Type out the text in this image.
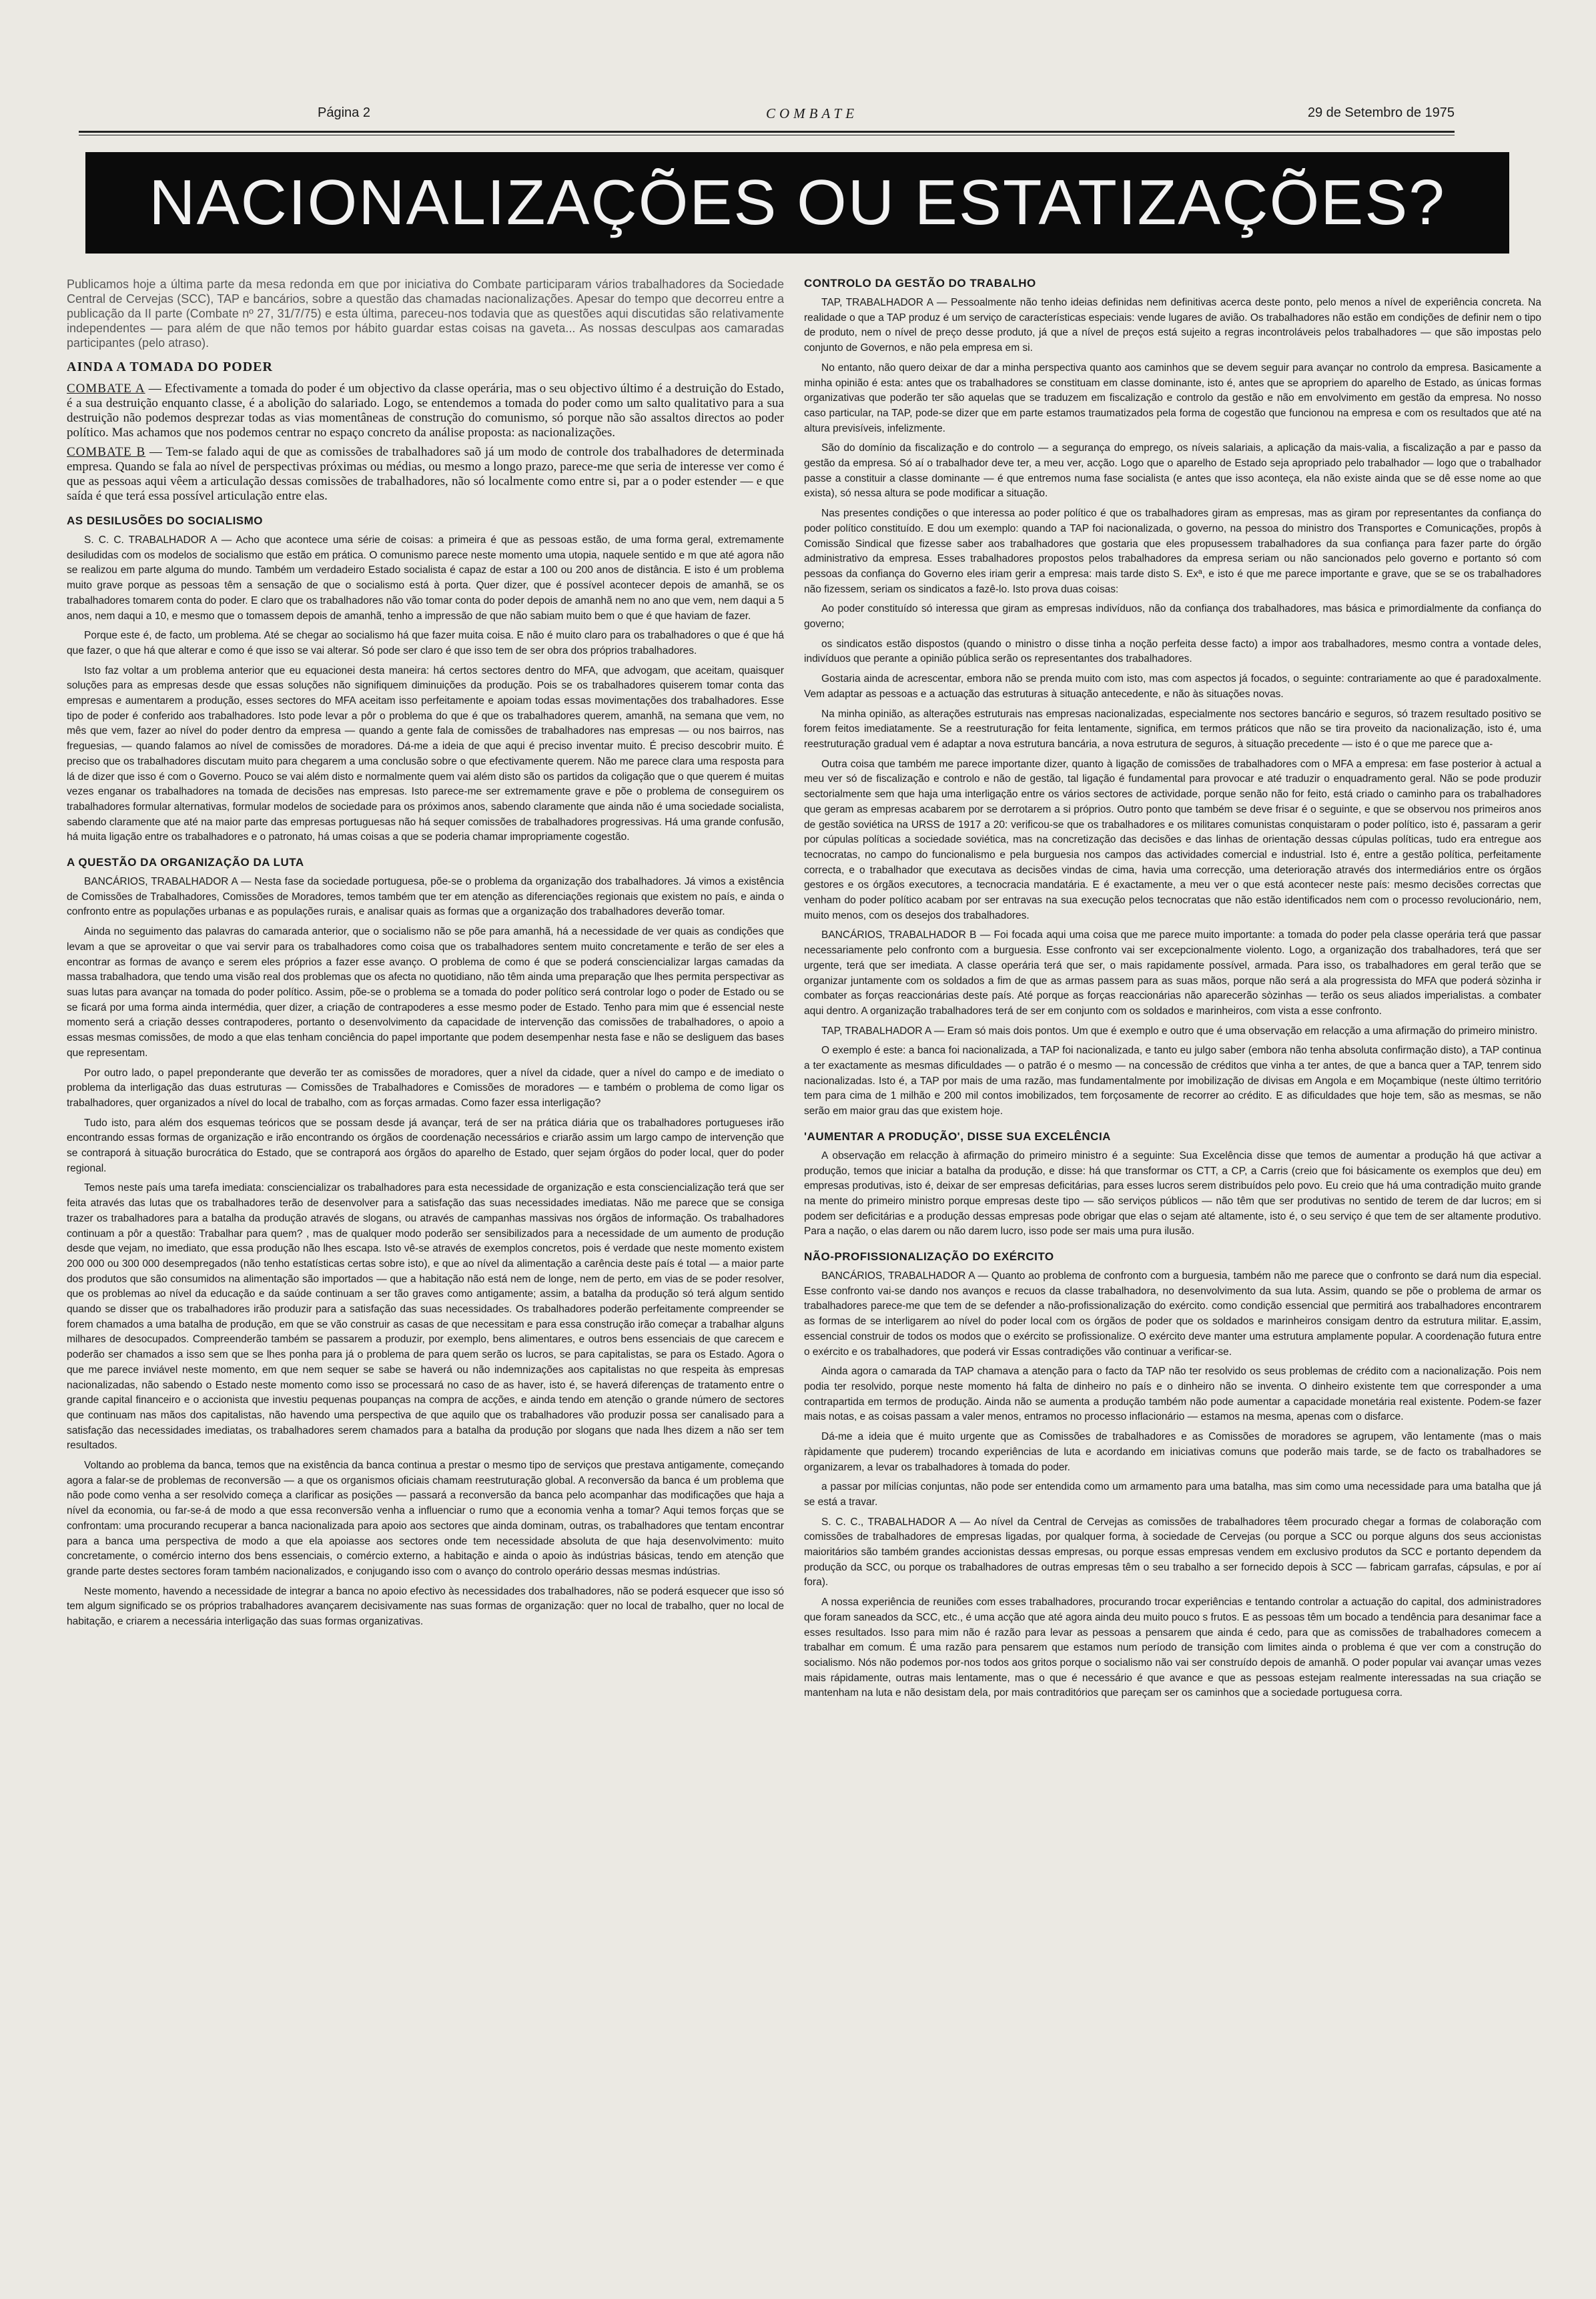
Página 2	COMBATE	29 de Setembro de 1975
NACIONALIZAÇÕES OU ESTATIZAÇÕES?

Publicamos hoje a última parte da mesa redonda em que por iniciativa do Combate participaram vários trabalhadores da Sociedade Central de Cervejas (SCC), TAP e bancários, sobre a questão das chamadas nacionalizações. Apesar do tempo que decorreu entre a publicação da II parte (Combate nº 27, 31/7/75) e esta última, pareceu-nos todavia que as questões aqui discutidas são relativamente independentes — para além de que não temos por hábito guardar estas coisas na gaveta... As nossas desculpas aos camaradas participantes (pelo atraso).

AINDA A TOMADA DO PODER

COMBATE A — Efectivamente a tomada do poder é um objectivo da classe operária, mas o seu objectivo último é a destruição do Estado, é a sua destruição enquanto classe, é a abolição do salariado. Logo, se entendemos a tomada do poder como um salto qualitativo para a sua destruição não podemos desprezar todas as vias momentâneas de construção do comunismo, só porque não são assaltos directos ao poder político. Mas achamos que nos podemos centrar no espaço concreto da análise proposta: as nacionalizações.

COMBATE B — Tem-se falado aqui de que as comissões de trabalhadores saõ já um modo de controle dos trabalhadores de determinada empresa. Quando se fala ao nível de perspectivas próximas ou médias, ou mesmo a longo prazo, parece-me que seria de interesse ver como é que as pessoas aqui vêem a articulação dessas comissões de trabalhadores, não só localmente como entre si, par a o poder estender — e que saída é que terá essa possível articulação entre elas.

AS DESILUSÕES DO SOCIALISMO

S. C. C. TRABALHADOR A — Acho que acontece uma série de coisas: a primeira é que as pessoas estão, de uma forma geral, extremamente desiludidas com os modelos de socialismo que estão em prática. O comunismo parece neste momento uma utopia, naquele sentido e m que até agora não se realizou em parte alguma do mundo. Também um verdadeiro Estado socialista é capaz de estar a 100 ou 200 anos de distância. E isto é um problema muito grave porque as pessoas têm a sensação de que o socialismo está à porta. Quer dizer, que é possível acontecer depois de amanhã, se os trabalhadores tomarem conta do poder. E claro que os trabalhadores não vão tomar conta do poder depois de amanhã nem no ano que vem, nem daqui a 5 anos, nem daqui a 10, e mesmo que o tomassem depois de amanhã, tenho a impressão de que não sabiam muito bem o que é que haviam de fazer.

Porque este é, de facto, um problema. Até se chegar ao socialismo há que fazer muita coisa. E não é muito claro para os trabalhadores o que é que há que fazer, o que há que alterar e como é que isso se vai alterar. Só pode ser claro é que isso tem de ser obra dos próprios trabalhadores.

Isto faz voltar a um problema anterior que eu equacionei desta maneira: há certos sectores dentro do MFA, que advogam, que aceitam, quaisquer soluções para as empresas desde que essas soluções não signifiquem diminuições da produção. Pois se os trabalhadores quiserem tomar conta das empresas e aumentarem a produção, esses sectores do MFA aceitam isso perfeitamente e apoiam todas essas movimentações dos trabalhadores. Esse tipo de poder é conferido aos trabalhadores. Isto pode levar a pôr o problema do que é que os trabalhadores querem, amanhã, na semana que vem, no mês que vem, fazer ao nível do poder dentro da empresa — quando a gente fala de comissões de trabalhadores nas empresas — ou nos bairros, nas freguesias, — quando falamos ao nível de comissões de moradores. Dá-me a ideia de que aqui é preciso inventar muito. É preciso descobrir muito. É preciso que os trabalhadores discutam muito para chegarem a uma conclusão sobre o que efectivamente querem. Não me parece clara uma resposta para lá de dizer que isso é com o Governo. Pouco se vai além disto e normalmente quem vai além disto são os partidos da coligação que o que querem é muitas vezes enganar os trabalhadores na tomada de decisões nas empresas. Isto parece-me ser extremamente grave e põe o problema de conseguirem os trabalhadores formular alternativas, formular modelos de sociedade para os próximos anos, sabendo claramente que ainda não é uma sociedade socialista, sabendo claramente que até na maior parte das empresas portuguesas não há sequer comissões de trabalhadores progressivas. Há uma grande confusão, há muita ligação entre os trabalhadores e o patronato, há umas coisas a que se poderia chamar impropriamente cogestão.

A QUESTÃO DA ORGANIZAÇÃO DA LUTA

BANCÁRIOS, TRABALHADOR A — Nesta fase da sociedade portuguesa, põe-se o problema da organização dos trabalhadores. Já vimos a existência de Comissões de Trabalhadores, Comissões de Moradores, temos também que ter em atenção as diferenciações regionais que existem no país, e ainda o confronto entre as populações urbanas e as populações rurais, e analisar quais as formas que a organização dos trabalhadores deverão tomar.

Ainda no seguimento das palavras do camarada anterior, que o socialismo não se põe para amanhã, há a necessidade de ver quais as condições que levam a que se aproveitar o que vai servir para os trabalhadores como coisa que os trabalhadores sentem muito concretamente e terão de ser eles a encontrar as formas de avanço e serem eles próprios a fazer esse avanço. O problema de como é que se poderá consciencializar largas camadas da massa trabalhadora, que tendo uma visão real dos problemas que os afecta no quotidiano, não têm ainda uma preparação que lhes permita perspectivar as suas lutas para avançar na tomada do poder político. Assim, põe-se o problema se a tomada do poder político será controlar logo o poder de Estado ou se se ficará por uma forma ainda intermédia, quer dizer, a criação de contrapoderes a esse mesmo poder de Estado. Tenho para mim que é essencial neste momento será a criação desses contrapoderes, portanto o desenvolvimento da capacidade de intervenção das comissões de trabalhadores, o apoio a essas mesmas comissões, de modo a que elas tenham conciência do papel importante que podem desempenhar nesta fase e não se desliguem das bases que representam.

Por outro lado, o papel preponderante que deverão ter as comissões de moradores, quer a nível da cidade, quer a nível do campo e de imediato o problema da interligação das duas estruturas — Comissões de Trabalhadores e Comissões de moradores — e também o problema de como ligar os trabalhadores, quer organizados a nível do local de trabalho, com as forças armadas. Como fazer essa interligação?

Tudo isto, para além dos esquemas teóricos que se possam desde já avançar, terá de ser na prática diária que os trabalhadores portugueses irão encontrando essas formas de organização e irão encontrando os órgãos de coordenação necessários e criarão assim um largo campo de intervenção que se contraporá à situação burocrática do Estado, que se contraporá aos órgãos do aparelho de Estado, quer sejam órgãos do poder local, quer do poder regional.

Temos neste país uma tarefa imediata: consciencializar os trabalhadores para esta necessidade de organização e esta consciencialização terá que ser feita através das lutas que os trabalhadores terão de desenvolver para a satisfação das suas necessidades imediatas. Não me parece que se consiga trazer os trabalhadores para a batalha da produção através de slogans, ou através de campanhas massivas nos órgãos de informação. Os trabalhadores continuam a pôr a questão: Trabalhar para quem? , mas de qualquer modo poderão ser sensibilizados para a necessidade de um aumento de produção desde que vejam, no imediato, que essa produção não lhes escapa. Isto vê-se através de exemplos concretos, pois é verdade que neste momento existem 200 000 ou 300 000 desempregados (não tenho estatísticas certas sobre isto), e que ao nível da alimentação a carência deste país é total — a maior parte dos produtos que são consumidos na alimentação são importados — que a habitação não está nem de longe, nem de perto, em vias de se poder resolver, que os problemas ao nível da educação e da saúde continuam a ser tão graves como antigamente; assim, a batalha da produção só terá algum sentido quando se disser que os trabalhadores irão produzir para a satisfação das suas necessidades. Os trabalhadores poderão perfeitamente compreender se forem chamados a uma batalha de produção, em que se vão construir as casas de que necessitam e para essa construção irão começar a trabalhar alguns milhares de desocupados. Compreenderão também se passarem a produzir, por exemplo, bens alimentares, e outros bens essenciais de que carecem e poderão ser chamados a isso sem que se lhes ponha para já o problema de para quem serão os lucros, se para capitalistas, se para os Estado. Agora o que me parece inviável neste momento, em que nem sequer se sabe se haverá ou não indemnizações aos capitalistas no que respeita às empresas nacionalizadas, não sabendo o Estado neste momento como isso se processará no caso de as haver, isto é, se haverá diferenças de tratamento entre o grande capital financeiro e o accionista que investiu pequenas poupanças na compra de acções, e ainda tendo em atenção o grande número de sectores que continuam nas mãos dos capitalistas, não havendo uma perspectiva de que aquilo que os trabalhadores vão produzir possa ser canalisado para a satisfação das necessidades imediatas, os trabalhadores serem chamados para a batalha da produção por slogans que nada lhes dizem a não ser tem resultados.

Voltando ao problema da banca, temos que na existência da banca continua a prestar o mesmo tipo de serviços que prestava antigamente, começando agora a falar-se de problemas de reconversão — a que os organismos oficiais chamam reestruturação global. A reconversão da banca é um problema que não pode como venha a ser resolvido começa a clarificar as posições — passará a reconversão da banca pelo acompanhar das modificações que haja a nível da economia, ou far-se-á de modo a que essa reconversão venha a influenciar o rumo que a economia venha a tomar? Aqui temos forças que se confrontam: uma procurando recuperar a banca nacionalizada para apoio aos sectores que ainda dominam, outras, os trabalhadores que tentam encontrar para a banca uma perspectiva de modo a que ela apoiasse aos sectores onde tem necessidade absoluta de que haja desenvolvimento: muito concretamente, o comércio interno dos bens essenciais, o comércio externo, a habitação e ainda o apoio às indústrias básicas, tendo em atenção que grande parte destes sectores foram também nacionalizados, e conjugando isso com o avanço do controlo operário dessas mesmas indústrias.

Neste momento, havendo a necessidade de integrar a banca no apoio efectivo às necessidades dos trabalhadores, não se poderá esquecer que isso só tem algum significado se os próprios trabalhadores avançarem decisivamente nas suas formas de organização: quer no local de trabalho, quer no local de habitação, e criarem a necessária interligação das suas formas organizativas.

CONTROLO DA GESTÃO DO TRABALHO

TAP, TRABALHADOR A — Pessoalmente não tenho ideias definidas nem definitivas acerca deste ponto, pelo menos a nível de experiência concreta. Na realidade o que a TAP produz é um serviço de características especiais: vende lugares de avião. Os trabalhadores não estão em condições de definir nem o tipo de produto, nem o nível de preço desse produto, já que a nível de preços está sujeito a regras incontroláveis pelos trabalhadores — que são impostas pelo conjunto de Governos, e não pela empresa em si.

No entanto, não quero deixar de dar a minha perspectiva quanto aos caminhos que se devem seguir para avançar no controlo da empresa. Basicamente a minha opinião é esta: antes que os trabalhadores se constituam em classe dominante, isto é, antes que se apropriem do aparelho de Estado, as únicas formas organizativas que poderão ter são aquelas que se traduzem em fiscalização e controlo da gestão e não em envolvimento em gestão da empresa. No nosso caso particular, na TAP, pode-se dizer que em parte estamos traumatizados pela forma de cogestão que funcionou na empresa e com os resultados que até na altura previsíveis, infelizmente.

São do domínio da fiscalização e do controlo — a segurança do emprego, os níveis salariais, a aplicação da mais-valia, a fiscalização a par e passo da gestão da empresa. Só aí o trabalhador deve ter, a meu ver, acção. Logo que o aparelho de Estado seja apropriado pelo trabalhador — logo que o trabalhador passe a constituir a classe dominante — é que entremos numa fase socialista (e antes que isso aconteça, ela não existe ainda que se dê esse nome ao que exista), só nessa altura se pode modificar a situação.

Nas presentes condições o que interessa ao poder político é que os trabalhadores giram as empresas, mas as giram por representantes da confiança do poder político constituído. E dou um exemplo: quando a TAP foi nacionalizada, o governo, na pessoa do ministro dos Transportes e Comunicações, propôs à Comissão Sindical que fizesse saber aos trabalhadores que gostaria que eles propusessem trabalhadores da sua confiança para fazer parte do órgão administrativo da empresa. Esses trabalhadores propostos pelos trabalhadores da empresa seriam ou não sancionados pelo governo e portanto só com pessoas da confiança do Governo eles iriam gerir a empresa: mais tarde disto S. Exª, e isto é que me parece importante e grave, que se se os trabalhadores não fizessem, seriam os sindicatos a fazê-lo. Isto prova duas coisas:

Ao poder constituído só interessa que giram as empresas indivíduos, não da confiança dos trabalhadores, mas básica e primordialmente da confiança do governo;

os sindicatos estão dispostos (quando o ministro o disse tinha a noção perfeita desse facto) a impor aos trabalhadores, mesmo contra a vontade deles, indivíduos que perante a opinião pública serão os representantes dos trabalhadores.

Gostaria ainda de acrescentar, embora não se prenda muito com isto, mas com aspectos já focados, o seguinte: contrariamente ao que é paradoxalmente. Vem adaptar as pessoas e a actuação das estruturas à situação antecedente, e não às situações novas.

Na minha opinião, as alterações estruturais nas empresas nacionalizadas, especialmente nos sectores bancário e seguros, só trazem resultado positivo se forem feitos imediatamente. Se a reestruturação for feita lentamente, significa, em termos práticos que não se tira proveito da nacionalização, isto é, uma reestruturação gradual vem é adaptar a nova estrutura bancária, a nova estrutura de seguros, à situação precedente — isto é o que me parece que a-

Outra coisa que também me parece importante dizer, quanto à ligação de comissões de trabalhadores com o MFA a empresa: em fase posterior à actual a meu ver só de fiscalização e controlo e não de gestão, tal ligação é fundamental para provocar e até traduzir o enquadramento geral. Não se pode produzir sectorialmente sem que haja uma interligação entre os vários sectores de actividade, porque senão não for feito, está criado o caminho para os trabalhadores que geram as empresas acabarem por se derrotarem a si próprios. Outro ponto que também se deve frisar é o seguinte, e que se observou nos primeiros anos de gestão soviética na URSS de 1917 a 20: verificou-se que os trabalhadores e os militares comunistas conquistaram o poder político, isto é, passaram a gerir por cúpulas políticas a sociedade soviética, mas na concretização das decisões e das linhas de orientação dessas cúpulas políticas, tudo era entregue aos tecnocratas, no campo do funcionalismo e pela burguesia nos campos das actividades comercial e industrial. Isto é, entre a gestão política, perfeitamente correcta, e o trabalhador que executava as decisões vindas de cima, havia uma correcção, uma deterioração através dos intermediários entre os órgãos gestores e os órgãos executores, a tecnocracia mandatária. E é exactamente, a meu ver o que está acontecer neste país: mesmo decisões correctas que venham do poder político acabam por ser entravas na sua execução pelos tecnocratas que não estão identificados nem com o processo revolucionário, nem, muito menos, com os desejos dos trabalhadores.

BANCÁRIOS, TRABALHADOR B — Foi focada aqui uma coisa que me parece muito importante: a tomada do poder pela classe operária terá que passar necessariamente pelo confronto com a burguesia. Esse confronto vai ser excepcionalmente violento. Logo, a organização dos trabalhadores, terá que ser urgente, terá que ser imediata. A classe operária terá que ser, o mais rapidamente possível, armada. Para isso, os trabalhadores em geral terão que se organizar juntamente com os soldados a fim de que as armas passem para as suas mãos, porque não será a ala progressista do MFA que poderá sòzinha ir combater as forças reaccionárias deste país. Até porque as forças reaccionárias não aparecerão sòzinhas — terão os seus aliados imperialistas. a combater aqui dentro. A organização trabalhadores terá de ser em conjunto com os soldados e marinheiros, com vista a esse confronto.

TAP, TRABALHADOR A — Eram só mais dois pontos. Um que é exemplo e outro que é uma observação em relacção a uma afirmação do primeiro ministro.

O exemplo é este: a banca foi nacionalizada, a TAP foi nacionalizada, e tanto eu julgo saber (embora não tenha absoluta confirmação disto), a TAP continua a ter exactamente as mesmas dificuldades — o patrão é o mesmo — na concessão de créditos que vinha a ter antes, de que a banca quer a TAP, tenrem sido nacionalizadas. Isto é, a TAP por mais de uma razão, mas fundamentalmente por imobilização de divisas em Angola e em Moçambique (neste último território tem para cima de 1 milhão e 200 mil contos imobilizados, tem forçosamente de recorrer ao crédito. E as dificuldades que hoje tem, são as mesmas, se não serão em maior grau das que existem hoje.

'AUMENTAR A PRODUÇÃO', DISSE SUA EXCELÊNCIA

A observação em relacção à afirmação do primeiro ministro é a seguinte: Sua Excelência disse que temos de aumentar a produção há que activar a produção, temos que iniciar a batalha da produção, e disse: há que transformar os CTT, a CP, a Carris (creio que foi básicamente os exemplos que deu) em empresas produtivas, isto é, deixar de ser empresas deficitárias, para esses lucros serem distribuídos pelo povo. Eu creio que há uma contradição muito grande na mente do primeiro ministro porque empresas deste tipo — são serviços públicos — não têm que ser produtivas no sentido de terem de dar lucros; em si podem ser deficitárias e a produção dessas empresas pode obrigar que elas o sejam até altamente, isto é, o seu serviço é que tem de ser altamente produtivo. Para a nação, o elas darem ou não darem lucro, isso pode ser mais uma pura ilusão.

NÃO-PROFISSIONALIZAÇÃO DO EXÉRCITO

BANCÁRIOS, TRABALHADOR A — Quanto ao problema de confronto com a burguesia, também não me parece que o confronto se dará num dia especial. Esse confronto vai-se dando nos avanços e recuos da classe trabalhadora, no desenvolvimento da sua luta. Assim, quando se põe o problema de armar os trabalhadores parece-me que tem de se defender a não-profissionalização do exército. como condição essencial que permitirá aos trabalhadores encontrarem as formas de se interligarem ao nível do poder local com os órgãos de poder que os soldados e marinheiros consigam dentro da estrutura militar. E,assim, essencial construir de todos os modos que o exército se profissionalize. O exército deve manter uma estrutura amplamente popular. A coordenação futura entre o exército e os trabalhadores, que poderá vir Essas contradições vão continuar a verificar-se.

Ainda agora o camarada da TAP chamava a atenção para o facto da TAP não ter resolvido os seus problemas de crédito com a nacionalização. Pois nem podia ter resolvido, porque neste momento há falta de dinheiro no país e o dinheiro não se inventa. O dinheiro existente tem que corresponder a uma contrapartida em termos de produção. Ainda não se aumenta a produção também não pode aumentar a capacidade monetária real existente. Podem-se fazer mais notas, e as coisas passam a valer menos, entramos no processo inflacionário — estamos na mesma, apenas com o disfarce.

Dá-me a ideia que é muito urgente que as Comissões de trabalhadores e as Comissões de moradores se agrupem, vão lentamente (mas o mais ràpidamente que puderem) trocando experiências de luta e acordando em iniciativas comuns que poderão mais tarde, se de facto os trabalhadores se organizarem, a levar os trabalhadores à tomada do poder.

a passar por milícias conjuntas, não pode ser entendida como um armamento para uma batalha, mas sim como uma necessidade para uma batalha que já se está a travar.

S. C. C., TRABALHADOR A — Ao nível da Central de Cervejas as comissões de trabalhadores têem procurado chegar a formas de colaboração com comissões de trabalhadores de empresas ligadas, por qualquer forma, à sociedade de Cervejas (ou porque a SCC ou porque alguns dos seus accionistas maioritários são também grandes accionistas dessas empresas, ou porque essas empresas vendem em exclusivo produtos da SCC e portanto dependem da produção da SCC, ou porque os trabalhadores de outras empresas têm o seu trabalho a ser fornecido depois à SCC — fabricam garrafas, cápsulas, e por aí fora).

A nossa experiência de reuniões com esses trabalhadores, procurando trocar experiências e tentando controlar a actuação do capital, dos administradores que foram saneados da SCC, etc., é uma acção que até agora ainda deu muito pouco s frutos. E as pessoas têm um bocado a tendência para desanimar face a esses resultados. Isso para mim não é razão para levar as pessoas a pensarem que ainda é cedo, para que as comissões de trabalhadores comecem a trabalhar em comum. É uma razão para pensarem que estamos num período de transição com limites ainda o problema é que ver com a construção do socialismo. Nós não podemos por-nos todos aos gritos porque o socialismo não vai ser construído depois de amanhã. O poder popular vai avançar umas vezes mais rápidamente, outras mais lentamente, mas o que é necessário é que avance e que as pessoas estejam realmente interessadas na sua criação se mantenham na luta e não desistam dela, por mais contraditórios que pareçam ser os caminhos que a sociedade portuguesa corra.
